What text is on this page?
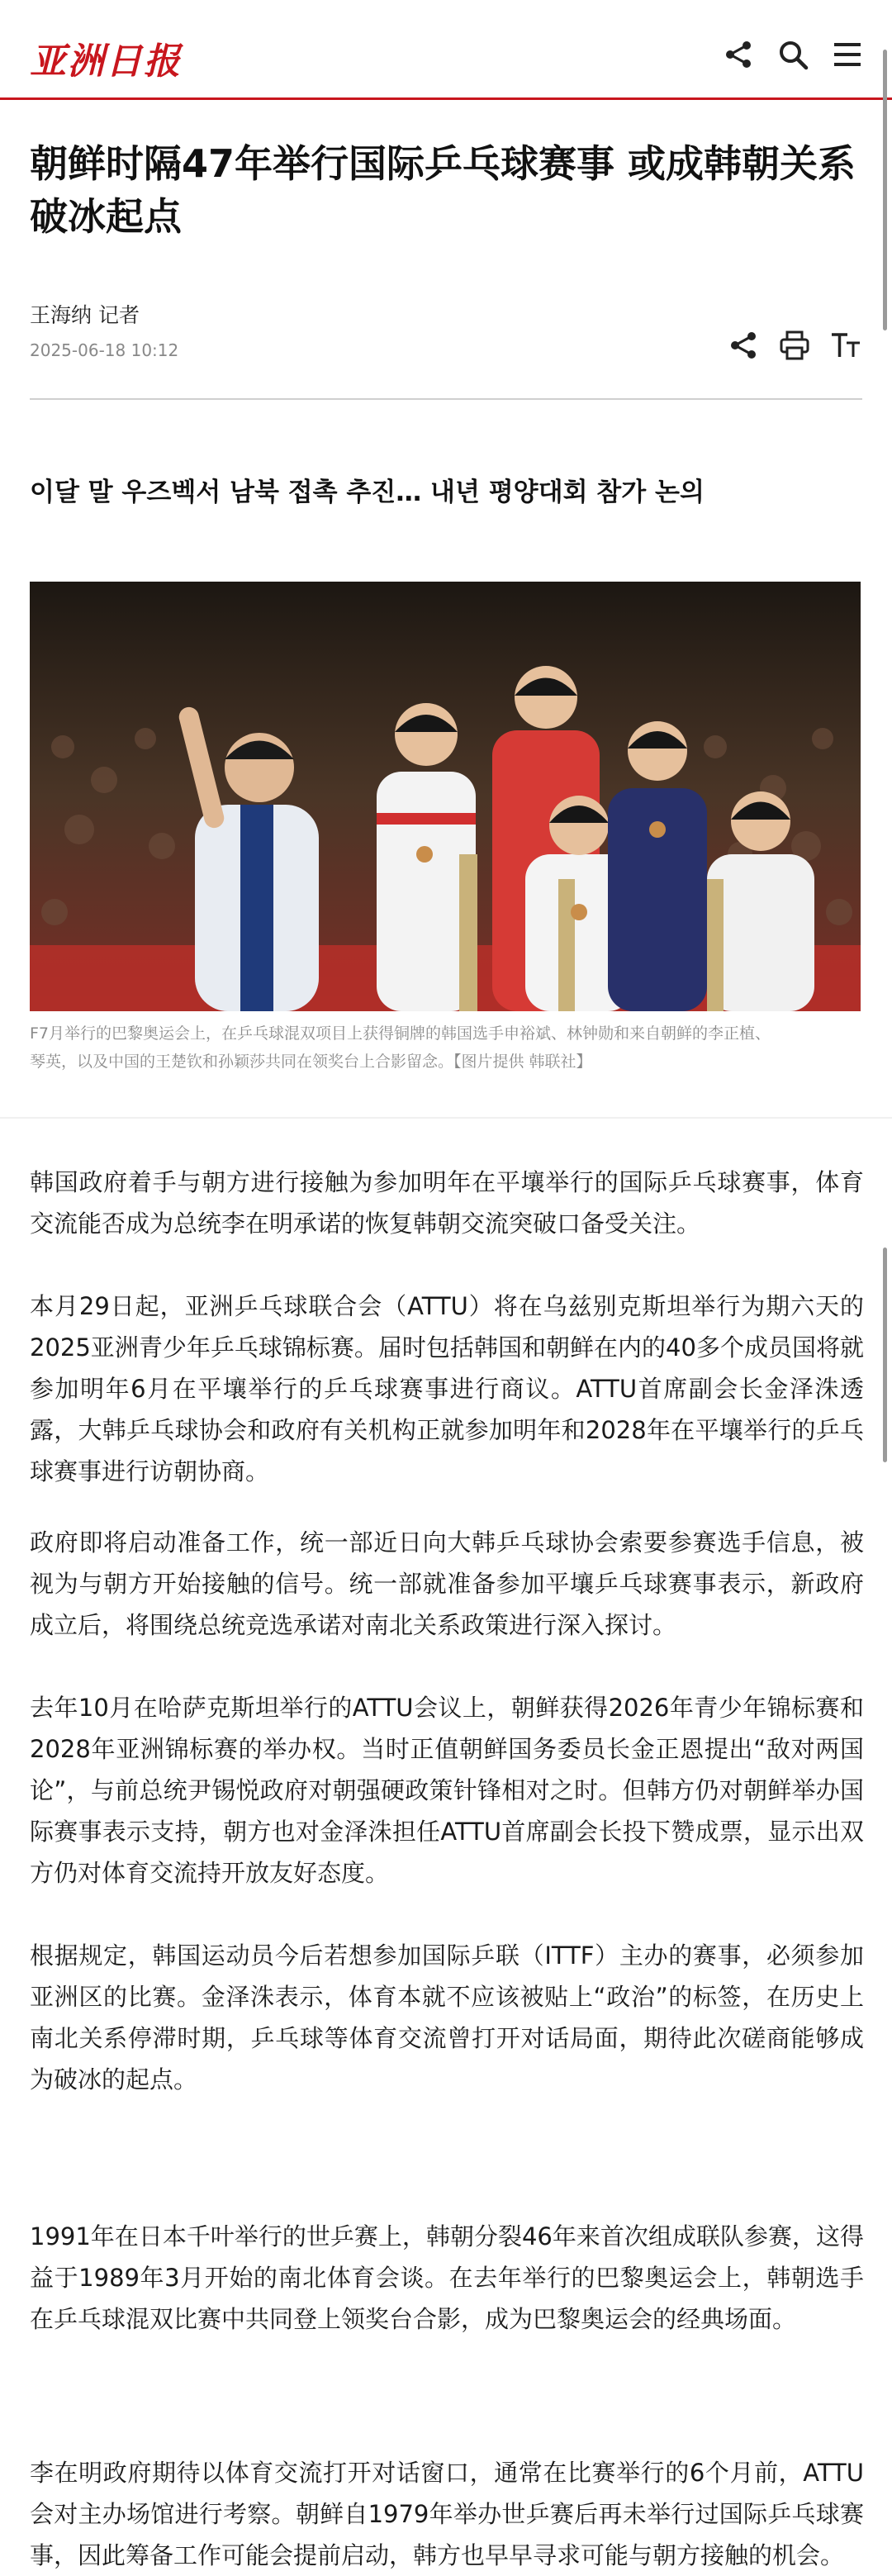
亚洲日报
朝鲜时隔47年举行国际乒乓球赛事 或成韩朝关系破冰起点
王海纳 记者
2025-06-18 10:12
이달 말 우즈벡서 남북 접촉 추진… 내년 평양대회 참가 논의
F7月举行的巴黎奥运会上，在乒乓球混双项目上获得铜牌的韩国选手申裕斌、林钟勋和来自朝鲜的李正植、
琴英，以及中国的王楚钦和孙颖莎共同在领奖台上合影留念。【图片提供 韩联社】

韩国政府着手与朝方进行接触为参加明年在平壤举行的国际乒乓球赛事，体育交流能否成为总统李在明承诺的恢复韩朝交流突破口备受关注。

本月29日起，亚洲乒乓球联合会（ATTU）将在乌兹别克斯坦举行为期六天的2025亚洲青少年乒乓球锦标赛。届时包括韩国和朝鲜在内的40多个成员国将就参加明年6月在平壤举行的乒乓球赛事进行商议。ATTU首席副会长金泽洙透露，大韩乒乓球协会和政府有关机构正就参加明年和2028年在平壤举行的乒乓球赛事进行访朝协商。

政府即将启动准备工作，统一部近日向大韩乒乓球协会索要参赛选手信息，被视为与朝方开始接触的信号。统一部就准备参加平壤乒乓球赛事表示，新政府成立后，将围绕总统竞选承诺对南北关系政策进行深入探讨。

去年10月在哈萨克斯坦举行的ATTU会议上，朝鲜获得2026年青少年锦标赛和2028年亚洲锦标赛的举办权。当时正值朝鲜国务委员长金正恩提出“敌对两国论”，与前总统尹锡悦政府对朝强硬政策针锋相对之时。但韩方仍对朝鲜举办国际赛事表示支持，朝方也对金泽洙担任ATTU首席副会长投下赞成票，显示出双方仍对体育交流持开放友好态度。

根据规定，韩国运动员今后若想参加国际乒联（ITTF）主办的赛事，必须参加亚洲区的比赛。金泽洙表示，体育本就不应该被贴上“政治”的标签，在历史上南北关系停滞时期，乒乓球等体育交流曾打开对话局面，期待此次磋商能够成为破冰的起点。

1991年在日本千叶举行的世乒赛上，韩朝分裂46年来首次组成联队参赛，这得益于1989年3月开始的南北体育会谈。在去年举行的巴黎奥运会上，韩朝选手在乒乓球混双比赛中共同登上领奖台合影，成为巴黎奥运会的经典场面。

李在明政府期待以体育交流打开对话窗口，通常在比赛举行的6个月前，ATTU会对主办场馆进行考察。朝鲜自1979年举办世乒赛后再未举行过国际乒乓球赛事，因此筹备工作可能会提前启动，韩方也早早寻求可能与朝方接触的机会。
